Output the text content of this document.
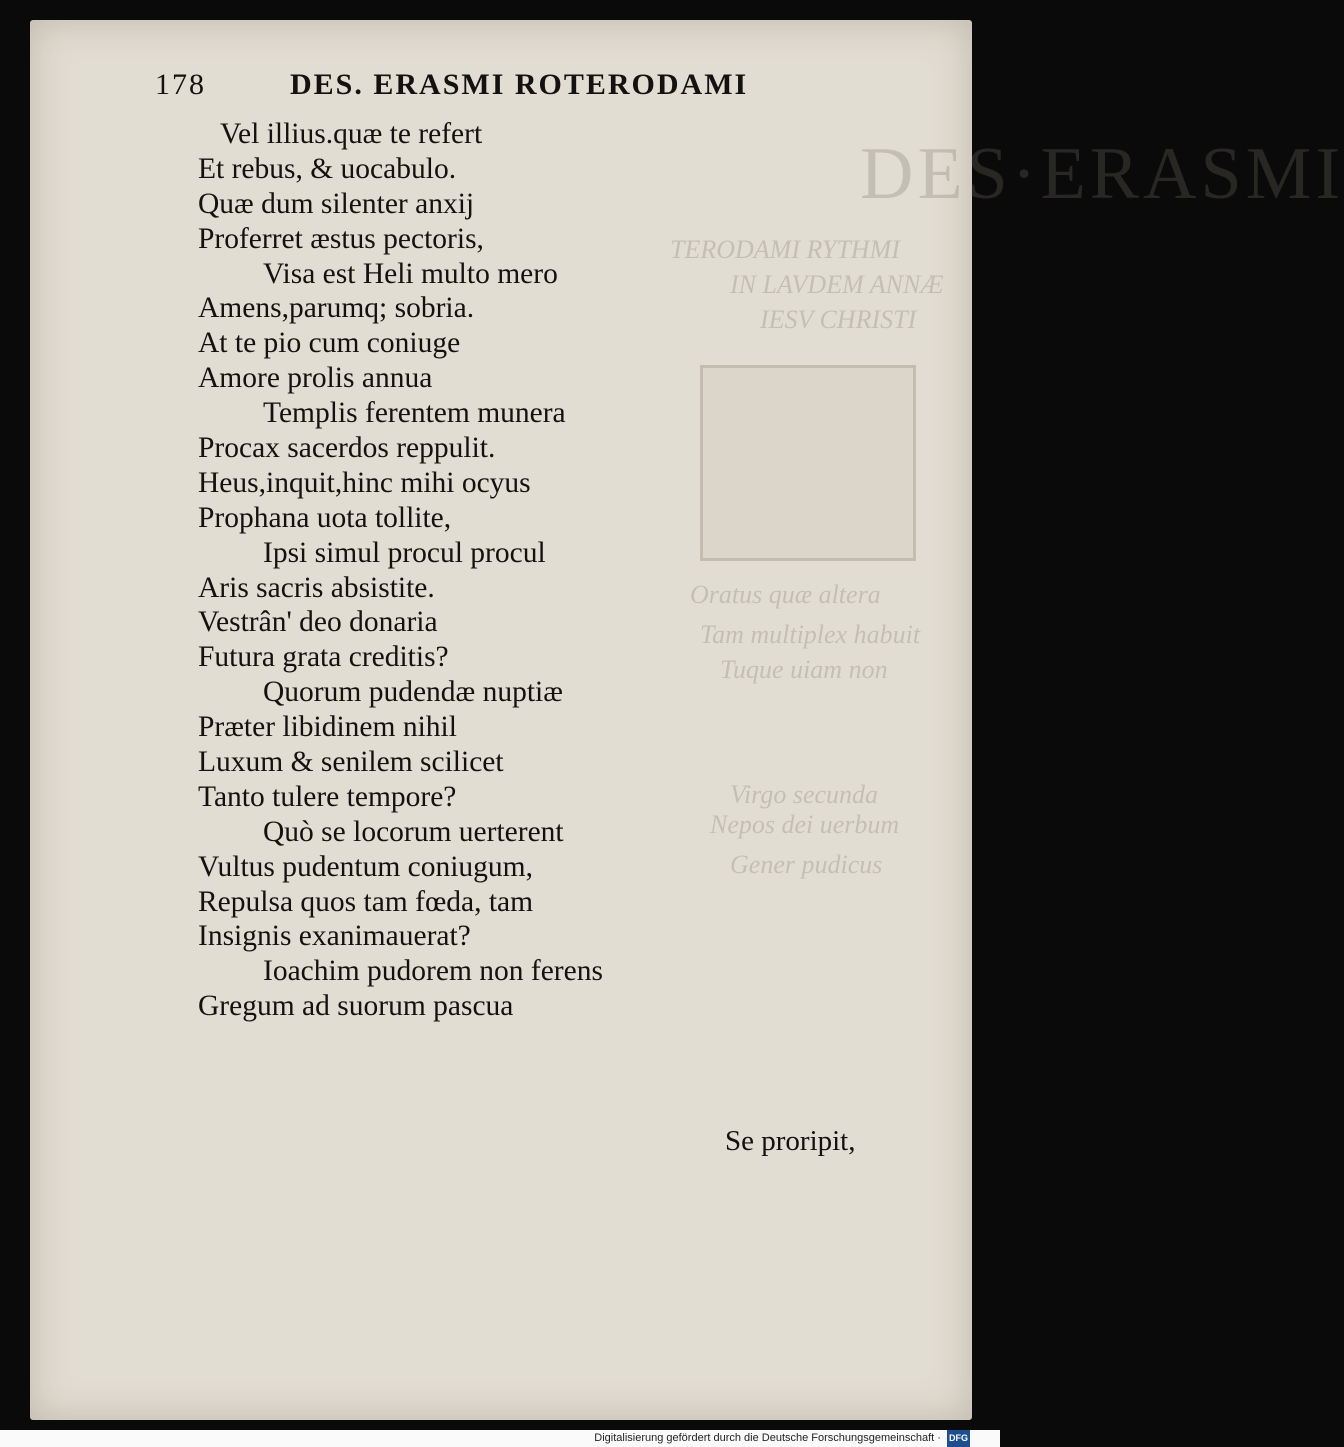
DES·ERASMI
TERODAMI RYTHMI
IN LAVDEM ANNÆ
IESV CHRISTI
Oratus quæ altera
Tam multiplex habuit
Tuque uiam non
Virgo secunda
Nepos dei uerbum
Gener pudicus
178	DES. ERASMI ROTERODAMI
Vel illius.quæ te refert
Et rebus, & uocabulo.
Quæ dum silenter anxij
Proferret æstus pectoris,
Visa est Heli multo mero
Amens,parumq; sobria.
At te pio cum coniuge
Amore prolis annua
Templis ferentem munera
Procax sacerdos reppulit.
Heus,inquit,hinc mihi ocyus
Prophana uota tollite,
Ipsi simul procul procul
Aris sacris absistite.
Vestrân' deo donaria
Futura grata creditis?
Quorum pudendæ nuptiæ
Præter libidinem nihil
Luxum & senilem scilicet
Tanto tulere tempore?
Quò se locorum uerterent
Vultus pudentum coniugum,
Repulsa quos tam fœda, tam
Insignis exanimauerat?
Ioachim pudorem non ferens
Gregum ad suorum pascua
Se proripit,
Digitalisierung gefördert durch die Deutsche Forschungsgemeinschaft · DFG
